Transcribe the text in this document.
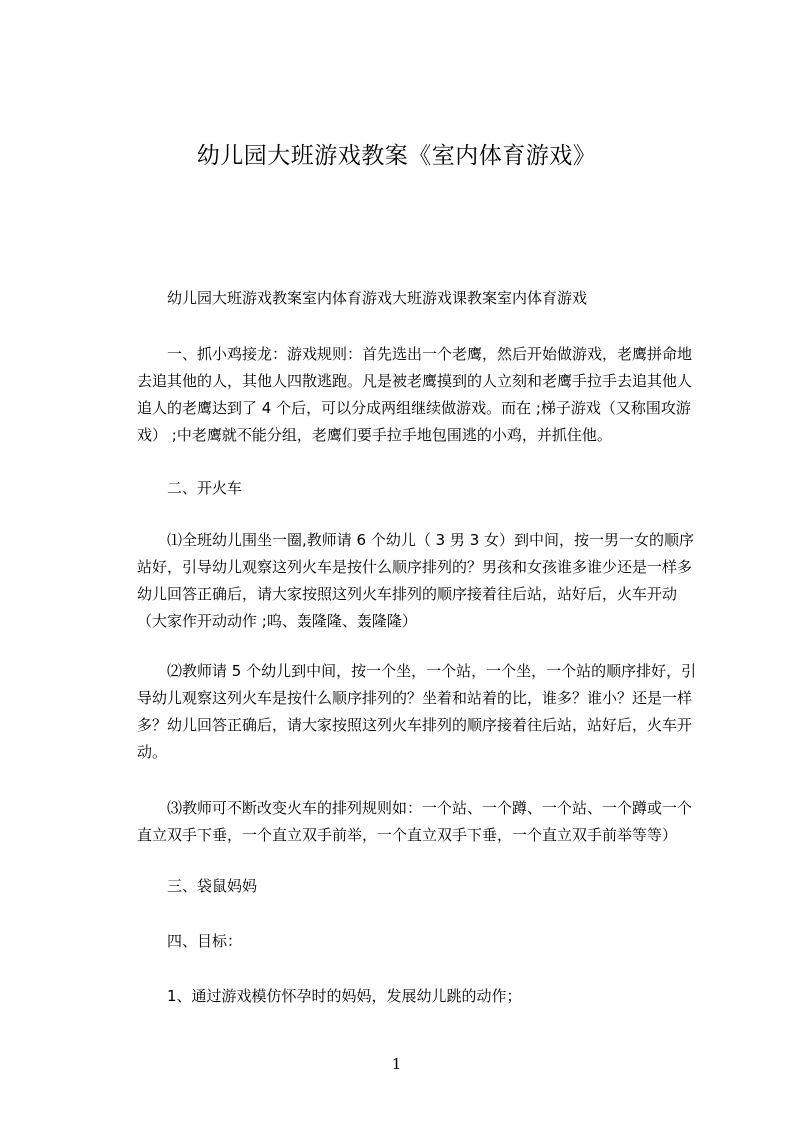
幼儿园大班游戏教案《室内体育游戏》
幼儿园大班游戏教案室内体育游戏大班游戏课教案室内体育游戏
一、抓小鸡接龙：游戏规则：首先选出一个老鹰，然后开始做游戏，老鹰拼命地
去追其他的人，其他人四散逃跑。凡是被老鹰摸到的人立刻和老鹰手拉手去追其他人
追人的老鹰达到了 4 个后，可以分成两组继续做游戏。而在 ;梯子游戏（又称围攻游
戏） ;中老鹰就不能分组，老鹰们要手拉手地包围逃的小鸡，并抓住他。
二、开火车
⑴全班幼儿围坐一圈,教师请 6 个幼儿（ 3 男 3 女）到中间，按一男一女的顺序
站好，引导幼儿观察这列火车是按什么顺序排列的？男孩和女孩谁多谁少还是一样多
幼儿回答正确后，请大家按照这列火车排列的顺序接着往后站，站好后，火车开动
（大家作开动动作 ;呜、轰隆隆、轰隆隆）
⑵教师请 5 个幼儿到中间，按一个坐，一个站，一个坐，一个站的顺序排好，引
导幼儿观察这列火车是按什么顺序排列的？坐着和站着的比，谁多？谁小？还是一样
多？幼儿回答正确后，请大家按照这列火车排列的顺序接着往后站，站好后，火车开
动。
⑶教师可不断改变火车的排列规则如：一个站、一个蹲、一个站、一个蹲或一个
直立双手下垂，一个直立双手前举，一个直立双手下垂，一个直立双手前举等等）
三、袋鼠妈妈
四、目标：
1、通过游戏模仿怀孕时的妈妈，发展幼儿跳的动作；
1
